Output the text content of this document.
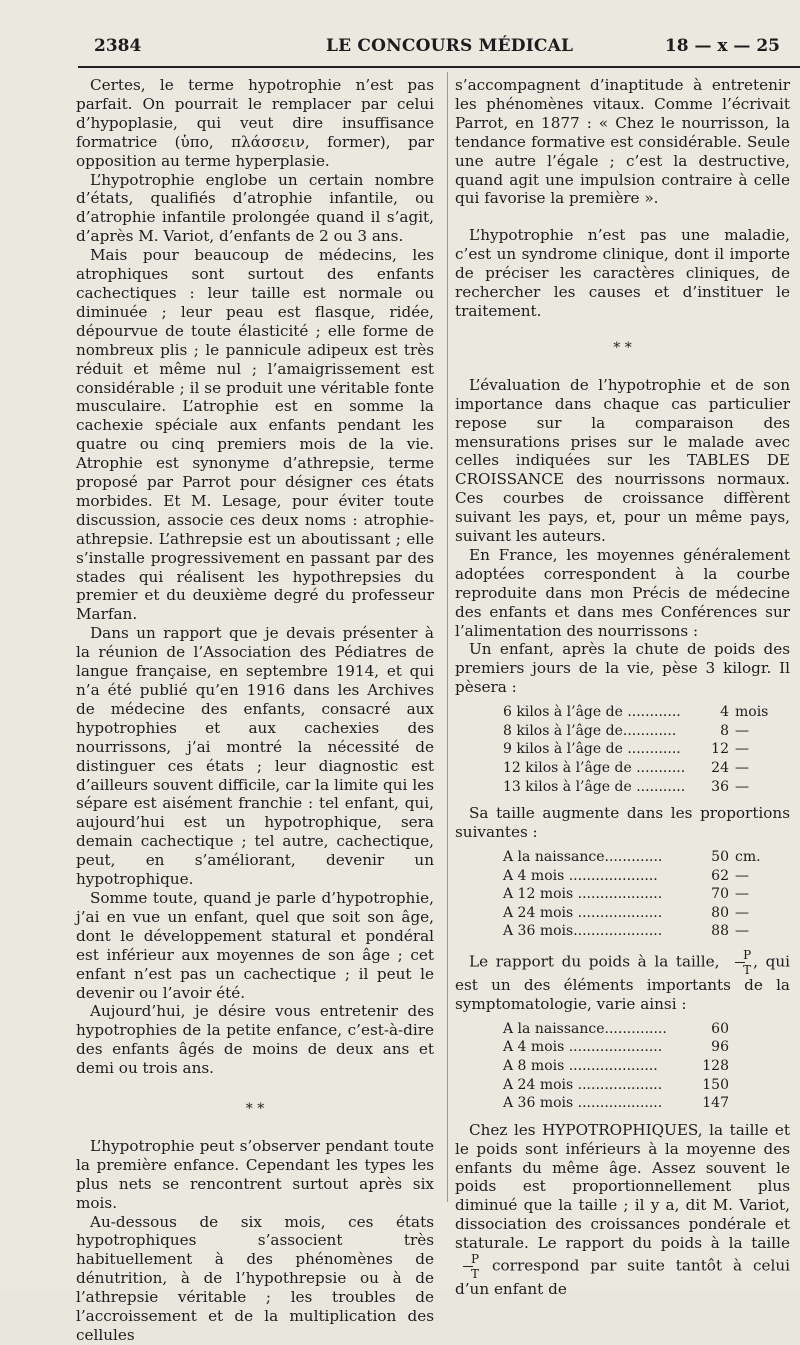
2384	LE CONCOURS MÉDICAL	18 — x — 25

Certes, le terme hypotrophie n’est pas parfait. On pourrait le remplacer par celui d’hypoplasie, qui veut dire insuffisance formatrice (ὑπο, πλάσσειν, former), par opposition au terme hyperplasie.

L’hypotrophie englobe un certain nombre d’états, qualifiés d’atrophie infantile, ou d’atrophie infantile prolongée quand il s’agit, d’après M. Variot, d’enfants de 2 ou 3 ans.

Mais pour beaucoup de médecins, les atrophiques sont surtout des enfants cachectiques : leur taille est normale ou diminuée ; leur peau est flasque, ridée, dépourvue de toute élasticité ; elle forme de nombreux plis ; le pannicule adipeux est très réduit et même nul ; l’amaigrissement est considérable ; il se produit une véritable fonte musculaire. L’atrophie est en somme la cachexie spéciale aux enfants pendant les quatre ou cinq premiers mois de la vie. Atrophie est synonyme d’athrepsie, terme proposé par Parrot pour désigner ces états morbides. Et M. Lesage, pour éviter toute discussion, associe ces deux noms : atrophie-athrepsie. L’athrepsie est un aboutissant ; elle s’installe progressivement en passant par des stades qui réalisent les hypothrepsies du premier et du deuxième degré du professeur Marfan.

Dans un rapport que je devais présenter à la réunion de l’Association des Pédiatres de langue française, en septembre 1914, et qui n’a été publié qu’en 1916 dans les Archives de médecine des enfants, consacré aux hypotrophies et aux cachexies des nourrissons, j’ai montré la nécessité de distinguer ces états ; leur diagnostic est d’ailleurs souvent difficile, car la limite qui les sépare est aisément franchie : tel enfant, qui, aujourd’hui est un hypotrophique, sera demain cachectique ; tel autre, cachectique, peut, en s’améliorant, devenir un hypotrophique.

Somme toute, quand je parle d’hypotrophie, j’ai en vue un enfant, quel que soit son âge, dont le développement statural et pondéral est inférieur aux moyennes de son âge ; cet enfant n’est pas un cachectique ; il peut le devenir ou l’avoir été.

Aujourd’hui, je désire vous entretenir des hypotrophies de la petite enfance, c’est-à-dire des enfants âgés de moins de deux ans et demi ou trois ans.

* *

L’hypotrophie peut s’observer pendant toute la première enfance. Cependant les types les plus nets se rencontrent surtout après six mois.

Au-dessous de six mois, ces états hypotrophiques s’associent très habituellement à des phénomènes de dénutrition, à de l’hypothrepsie ou à de l’athrepsie véritable ; les troubles de l’accroissement et de la multiplication des cellules

s’accompagnent d’inaptitude à entretenir les phénomènes vitaux. Comme l’écrivait Parrot, en 1877 : « Chez le nourrisson, la tendance formative est considérable. Seule une autre l’égale ; c’est la destructive, quand agit une impulsion contraire à celle qui favorise la première ».

L’hypotrophie n’est pas une maladie, c’est un syndrome clinique, dont il importe de préciser les caractères cliniques, de rechercher les causes et d’instituer le traitement.

* *

L’évaluation de l’hypotrophie et de son importance dans chaque cas particulier repose sur la comparaison des mensurations prises sur le malade avec celles indiquées sur les TABLES DE CROISSANCE des nourrissons normaux. Ces courbes de croissance diffèrent suivant les pays, et, pour un même pays, suivant les auteurs.

En France, les moyennes généralement adoptées correspondent à la courbe reproduite dans mon Précis de médecine des enfants et dans mes Conférences sur l’alimentation des nourrissons :

Un enfant, après la chute de poids des premiers jours de la vie, pèse 3 kilogr. Il pèsera :

6 kilos à l’âge de ............	4	mois
8 kilos à l’âge de............	8	—
9 kilos à l’âge de ............	12	—
12 kilos à l’âge de ...........	24	—
13 kilos à l’âge de ...........	36	—

Sa taille augmente dans les proportions suivantes :

A la naissance.............	50	cm.
A 4 mois ....................	62	—
A 12 mois ...................	70	—
A 24 mois ...................	80	—
A 36 mois....................	88	—

Le rapport du poids à la taille, $\frac{P}{T}$ , qui est un des éléments importants de la symptomatologie, varie ainsi :

A la naissance..............	60	
A 4 mois .....................	96	
A 8 mois ....................	128	
A 24 mois ...................	150	
A 36 mois ...................	147	

Chez les HYPOTROPHIQUES, la taille et le poids sont inférieurs à la moyenne des enfants du même âge. Assez souvent le poids est proportionnellement plus diminué que la taille ; il y a, dit M. Variot, dissociation des croissances pondérale et staturale. Le rapport du poids à la taille
$\frac{P}{T}$ correspond par suite tantôt à celui d’un enfant de
